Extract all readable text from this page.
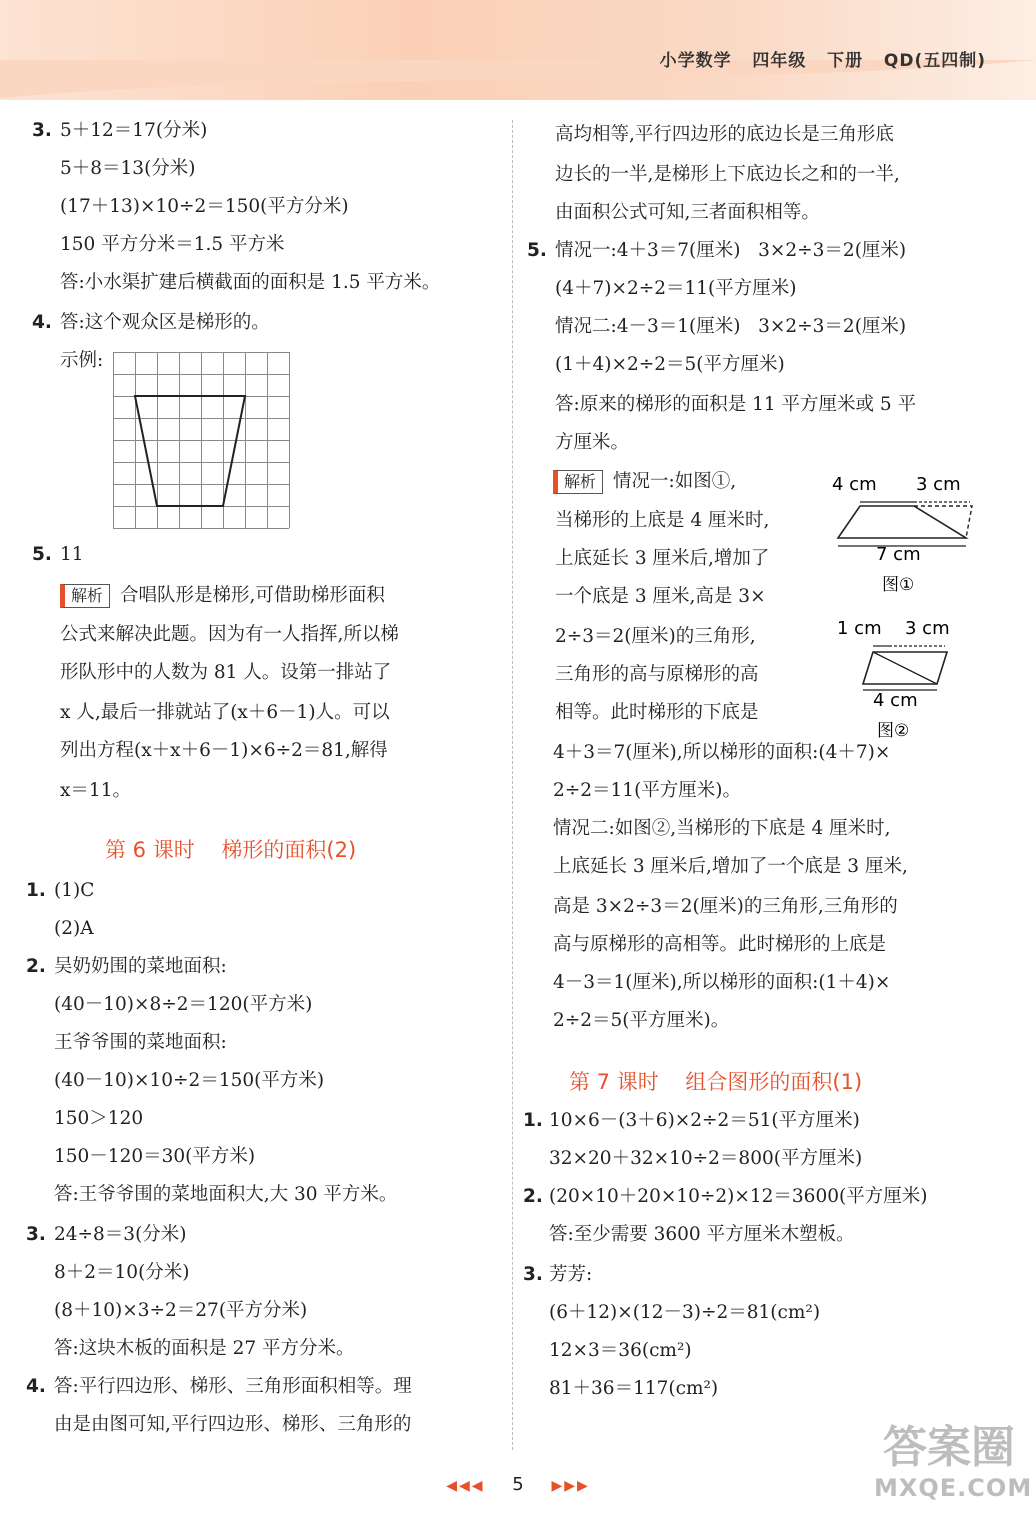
小学数学   四年级   下册   QD(五四制)
3. 5＋12＝17(分米)
5＋8＝13(分米)
(17＋13)×10÷2＝150(平方分米)
150 平方分米＝1.5 平方米
答:小水渠扩建后横截面的面积是 1.5 平方米。
4. 答:这个观众区是梯形的。
示例:
5. 11
解析 合唱队形是梯形,可借助梯形面积
公式来解决此题。因为有一人指挥,所以梯
形队形中的人数为 81 人。设第一排站了
x 人,最后一排就站了(x＋6－1)人。可以
列出方程(x＋x＋6－1)×6÷2＝81,解得
x＝11。
第 6 课时    梯形的面积(2)
1. (1)C
(2)A
2. 吴奶奶围的菜地面积:
(40－10)×8÷2＝120(平方米)
王爷爷围的菜地面积:
(40－10)×10÷2＝150(平方米)
150＞120
150－120＝30(平方米)
答:王爷爷围的菜地面积大,大 30 平方米。
3. 24÷8＝3(分米)
8＋2＝10(分米)
(8＋10)×3÷2＝27(平方分米)
答:这块木板的面积是 27 平方分米。
4. 答:平行四边形、梯形、三角形面积相等。理
由是由图可知,平行四边形、梯形、三角形的
高均相等,平行四边形的底边长是三角形底
边长的一半,是梯形上下底边长之和的一半,
由面积公式可知,三者面积相等。
5. 情况一:4＋3＝7(厘米)   3×2÷3＝2(厘米)
(4＋7)×2÷2＝11(平方厘米)
情况二:4－3＝1(厘米)   3×2÷3＝2(厘米)
(1＋4)×2÷2＝5(平方厘米)
答:原来的梯形的面积是 11 平方厘米或 5 平
方厘米。
解析 情况一:如图①,
当梯形的上底是 4 厘米时,
上底延长 3 厘米后,增加了
一个底是 3 厘米,高是 3×
2÷3＝2(厘米)的三角形,
三角形的高与原梯形的高
相等。此时梯形的下底是
4 cm 3 cm
7 cm
图①
1 cm 3 cm
4 cm
图②
4＋3＝7(厘米),所以梯形的面积:(4＋7)×
2÷2＝11(平方厘米)。
情况二:如图②,当梯形的下底是 4 厘米时,
上底延长 3 厘米后,增加了一个底是 3 厘米,
高是 3×2÷3＝2(厘米)的三角形,三角形的
高与原梯形的高相等。此时梯形的上底是
4－3＝1(厘米),所以梯形的面积:(1＋4)×
2÷2＝5(平方厘米)。
第 7 课时    组合图形的面积(1)
1. 10×6－(3＋6)×2÷2＝51(平方厘米)
32×20＋32×10÷2＝800(平方厘米)
2. (20×10＋20×10÷2)×12＝3600(平方厘米)
答:至少需要 3600 平方厘米木塑板。
3. 芳芳:
(6＋12)×(12－3)÷2＝81(cm²)
12×3＝36(cm²)
81＋36＝117(cm²)
◀◀◀ 5 ▶▶▶
答案圈
MXQE.COM
